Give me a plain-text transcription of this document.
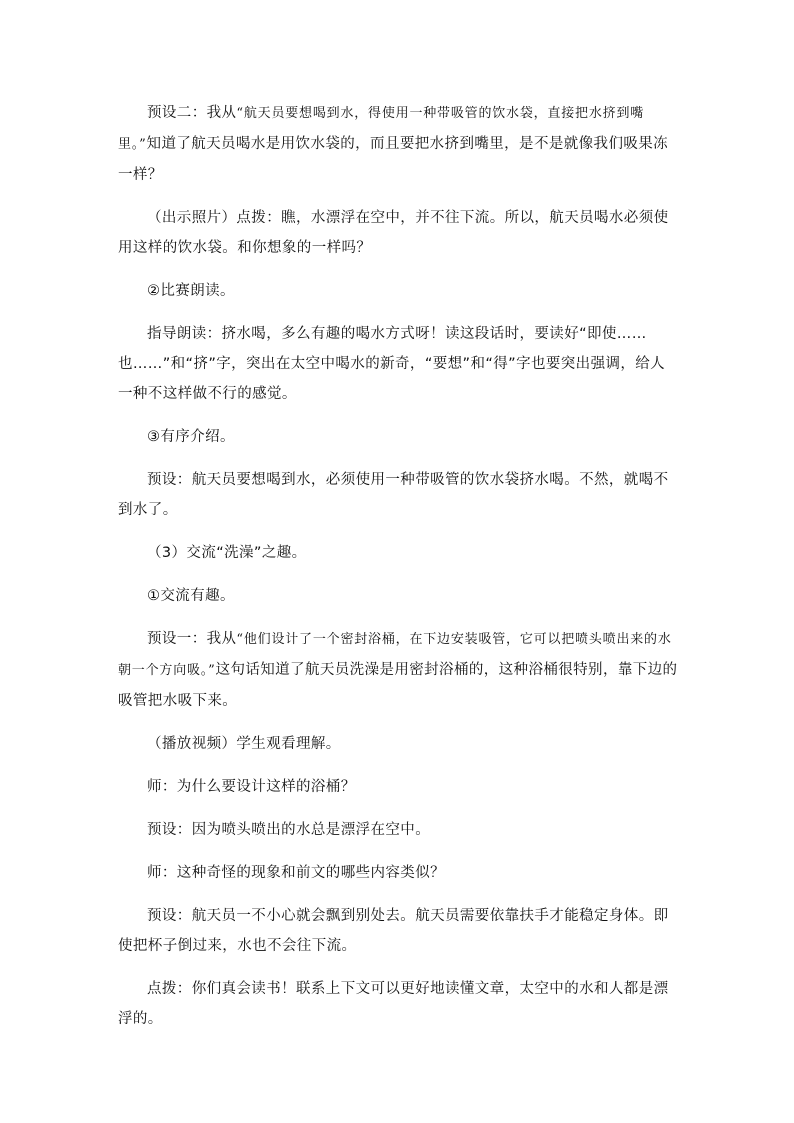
预设二：我从“航天员要想喝到水，得使用一种带吸管的饮水袋，直接把水挤到嘴里。”知道了航天员喝水是用饮水袋的，而且要把水挤到嘴里，是不是就像我们吸果冻一样？

（出示照片）点拨：瞧，水漂浮在空中，并不往下流。所以，航天员喝水必须使用这样的饮水袋。和你想象的一样吗？

②比赛朗读。

指导朗读：挤水喝，多么有趣的喝水方式呀！读这段话时，要读好“即使……也……”和“挤”字，突出在太空中喝水的新奇，“要想”和“得”字也要突出强调，给人一种不这样做不行的感觉。

③有序介绍。

预设：航天员要想喝到水，必须使用一种带吸管的饮水袋挤水喝。不然，就喝不到水了。

（3）交流“洗澡”之趣。

①交流有趣。

预设一：我从“他们设计了一个密封浴桶，在下边安装吸管，它可以把喷头喷出来的水朝一个方向吸。”这句话知道了航天员洗澡是用密封浴桶的，这种浴桶很特别，靠下边的吸管把水吸下来。

（播放视频）学生观看理解。

师：为什么要设计这样的浴桶？

预设：因为喷头喷出的水总是漂浮在空中。

师：这种奇怪的现象和前文的哪些内容类似？

预设：航天员一不小心就会飘到别处去。航天员需要依靠扶手才能稳定身体。即使把杯子倒过来，水也不会往下流。

点拨：你们真会读书！联系上下文可以更好地读懂文章，太空中的水和人都是漂浮的。
